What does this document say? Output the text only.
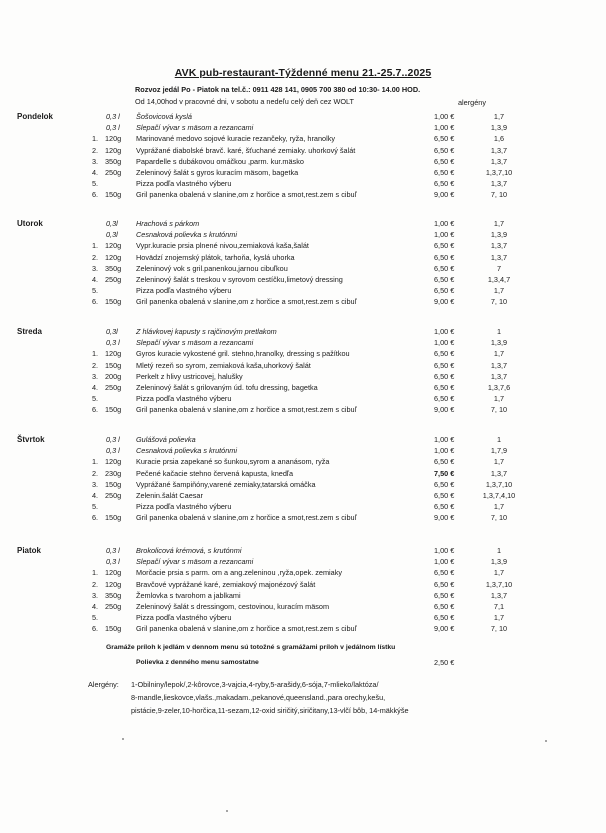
AVK pub-restaurant-Týždenné menu 21.-25.7..2025
Rozvoz jedál Po - Piatok na tel.č.: 0911 428 141, 0905 700 380 od 10:30- 14.00 HOD.
Od 14,00hod v pracovné dni, v sobotu a nedeľu celý deň cez WOLT	alergény
Pondelok	0,3 l Šošovicová kyslá	1,00 €	1,7
0,3 l Slepačí vývar s mäsom a rezancami	1,00 €	1,3,9
1. 120g Marinované medovo sojové kuracie rezančeky, ryža, hranolky	6,50 €	1,6
2. 120g Vyprážané diabolské bravč. karé, šťuchané zemiaky. uhorkový šalát	6,50 €	1,3,7
3. 350g Papardelle s dubákovou omáčkou ,parm. kur.mäsko	6,50 €	1,3,7
4. 250g Zeleninový šalát s gyros kuracím mäsom, bagetka	6,50 €	1,3,7,10
5.	Pizza podľa vlastného výberu	6,50 €	1,3,7
6. 150g Gril panenka obalená v slanine,om z horčice a smot,rest.zem s cibuľ	9,00 €	7, 10
Utorok	0,3l Hrachová s párkom	1,00 €	1,7
0,3l Cesnaková polievka s krutónmi	1,00 €	1,3,9
1. 120g Vypr.kuracie prsia plnené nivou,zemiaková kaša,šalát	6,50 €	1,3,7
2. 120g Hovädzí znojemský plátok, tarhoňa, kyslá uhorka	6,50 €	1,3,7
3. 350g Zeleninový vok s gril.panenkou,jarnou cibuľkou	6,50 €	7
4. 250g Zeleninový šalát s treskou v syrovom cestíčku,limetový dressing	6,50 €	1,3,4,7
5.	Pizza podľa vlastného výberu	6,50 €	1,7
6. 150g Gril panenka obalená v slanine,om z horčice a smot,rest.zem s cibuľ	9,00 €	7, 10
Streda	0,3l Z hlávkovej kapusty s rajčinovým pretlakom	1,00 €	1
0,3 l Slepačí vývar s mäsom a rezancami	1,00 €	1,3,9
1. 120g Gyros kuracie vykostené gril. stehno,hranolky, dressing s pažítkou	6,50 €	1,7
2. 150g Mletý rezeň so syrom, zemiaková kaša,uhorkový šalát	6,50 €	1,3,7
3. 200g Perkelt z hlivy ustricovej, halušky	6,50 €	1,3,7
4. 250g Zeleninový šalát s grilovaným úd. tofu dressing, bagetka	6,50 €	1,3,7,6
5.	Pizza podľa vlastného výberu	6,50 €	1,7
6. 150g Gril panenka obalená v slanine,om z horčice a smot,rest.zem s cibuľ	9,00 €	7, 10
Štvrtok	0,3 l Gulášová polievka	1,00 €	1
0,3 l Cesnaková polievka s krutónmi	1,00 €	1,7,9
1. 120g Kuracie prsia zapekané so šunkou,syrom a ananásom, ryža	6,50 €	1,7
2. 230g Pečené kačacie stehno červená kapusta, knedľa	7,50 €	1,3,7
3. 150g Vyprážané šampiňóny,varené zemiaky,tatarská omáčka	6,50 €	1,3,7,10
4. 250g Zelenin.šalát Caesar	6,50 €	1,3,7,4,10
5.	Pizza podľa vlastného výberu	6,50 €	1,7
6. 150g Gril panenka obalená v slanine,om z horčice a smot,rest.zem s cibuľ	9,00 €	7, 10
Piatok	0,3 l Brokolicová krémová, s krutónmi	1,00 €	1
0,3 l Slepačí vývar s mäsom a rezancami	1,00 €	1,3,9
1. 120g Morčacie prsia s parm. om a ang.zeleninou ,ryža,opek. zemiaky	6,50 €	1,7
2. 120g Bravčové vyprážané karé, zemiakový majonézový šalát	6,50 €	1,3,7,10
3. 350g Žemlovka s tvarohom a jablkami	6,50 €	1,3,7
4. 250g Zeleninový šalát s dressingom, cestovinou, kuracím mäsom	6,50 €	7,1
5.	Pizza podľa vlastného výberu	6,50 €	1,7
6. 150g Gril panenka obalená v slanine,om z horčice a smot,rest.zem s cibuľ	9,00 €	7, 10
Gramáže príloh k jedlám v dennom menu sú totožné s gramážami príloh v jedálnom lístku
Polievka z denného menu samostatne	2,50 €
Alergény: 1-Obilniny/lepok/,2-kôrovce,3-vajcia,4-ryby,5-arašidy,6-sója,7-mlieko/laktóza/
8-mandle,lieskovce,vlašs.,makadam.,pekanové,queensland.,para orechy,kešu,
pistácie,9-zeler,10-horčica,11-sezam,12-oxid siričitý,siričitany,13-vlčí bôb, 14-mäkkýše
